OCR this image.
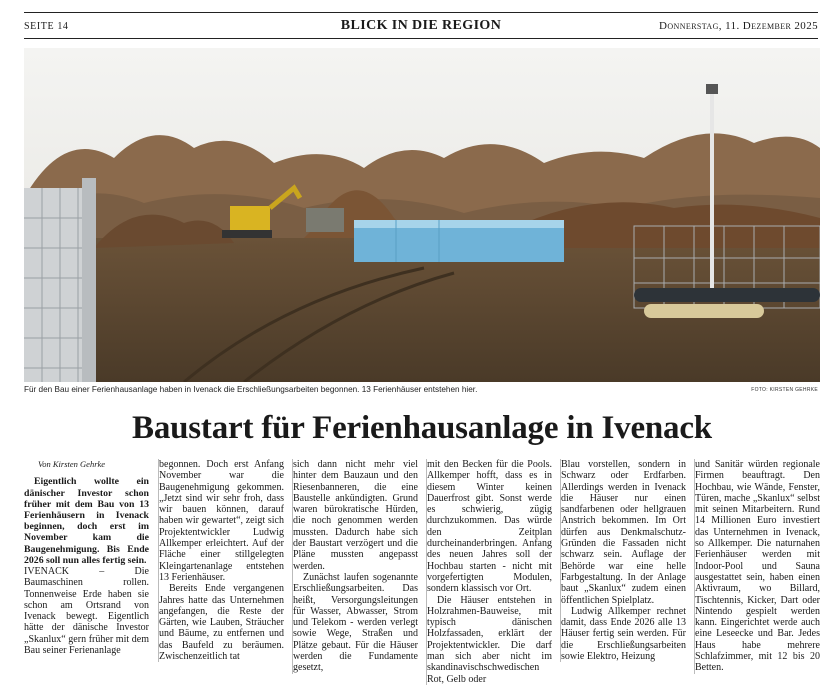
SEITE 14	BLICK IN DIE REGION	Donnerstag, 11. Dezember 2025
Für den Bau einer Ferienhausanlage haben in Ivenack die Erschließungsarbeiten begonnen. 13 Ferienhäuser entstehen hier.	FOTO: KIRSTEN GEHRKE
Baustart für Ferienhausanlage in Ivenack
Von Kirsten Gehrke

Eigentlich wollte ein dänischer Investor schon früher mit dem Bau von 13 Ferienhäusern in Ivenack beginnen, doch erst im November kam die Baugenehmigung. Bis Ende 2026 soll nun alles fertig sein.

IVENACK – Die Baumaschinen rollen. Tonnenweise Erde haben sie schon am Ortsrand von Ivenack bewegt. Eigentlich hätte der dänische Investor „Skanlux“ gern früher mit dem Bau seiner Ferienanlage

begonnen. Doch erst Anfang November war die Baugenehmigung gekommen. „Jetzt sind wir sehr froh, dass wir bauen können, darauf haben wir gewartet“, zeigt sich Projektentwickler Ludwig Allkemper erleichtert. Auf der Fläche einer stillgelegten Kleingartenanlage entstehen 13 Ferienhäuser.

Bereits Ende vergangenen Jahres hatte das Unternehmen angefangen, die Reste der Gärten, wie Lauben, Sträucher und Bäume, zu entfernen und das Baufeld zu beräumen. Zwischenzeitlich tat

sich dann nicht mehr viel hinter dem Bauzaun und den Riesenbanneren, die eine Baustelle ankündigten. Grund waren bürokratische Hürden, die noch genommen werden mussten. Dadurch habe sich der Baustart verzögert und die Pläne mussten angepasst werden.

Zunächst laufen sogenannte Erschließungsarbeiten. Das heißt, Versorgungsleitungen für Wasser, Abwasser, Strom und Telekom - werden verlegt sowie Wege, Straßen und Plätze gebaut. Für die Häuser werden die Fundamente gesetzt,

mit den Becken für die Pools. Allkemper hofft, dass es in diesem Winter keinen Dauerfrost gibt. Sonst werde es schwierig, zügig durchzukommen. Das würde den Zeitplan durcheinanderbringen. Anfang des neuen Jahres soll der Hochbau starten - nicht mit vorgefertigten Modulen, sondern klassisch vor Ort.

Die Häuser entstehen in Holzrahmen-Bauweise, mit typisch dänischen Holzfassaden, erklärt der Projektentwickler. Die darf man sich aber nicht im skandinavischschwedischen Rot, Gelb oder

Blau vorstellen, sondern in Schwarz oder Erdfarben. Allerdings werden in Ivenack die Häuser nur einen sandfarbenen oder hellgrauen Anstrich bekommen. Im Ort dürfen aus Denkmalschutz-Gründen die Fassaden nicht schwarz sein. Auflage der Behörde war eine helle Farbgestaltung. In der Anlage baut „Skanlux“ zudem einen öffentlichen Spielplatz.

Ludwig Allkemper rechnet damit, dass Ende 2026 alle 13 Häuser fertig sein werden. Für die Erschließungsarbeiten sowie Elektro, Heizung

und Sanitär würden regionale Firmen beauftragt. Den Hochbau, wie Wände, Fenster, Türen, mache „Skanlux“ selbst mit seinen Mitarbeitern. Rund 14 Millionen Euro investiert das Unternehmen in Ivenack, so Allkemper. Die naturnahen Ferienhäuser werden mit Indoor-Pool und Sauna ausgestattet sein, haben einen Aktivraum, wo Billard, Tischtennis, Kicker, Dart oder Nintendo gespielt werden kann. Eingerichtet werde auch eine Leseecke und Bar. Jedes Haus habe mehrere Schlafzimmer, mit 12 bis 20 Betten.
